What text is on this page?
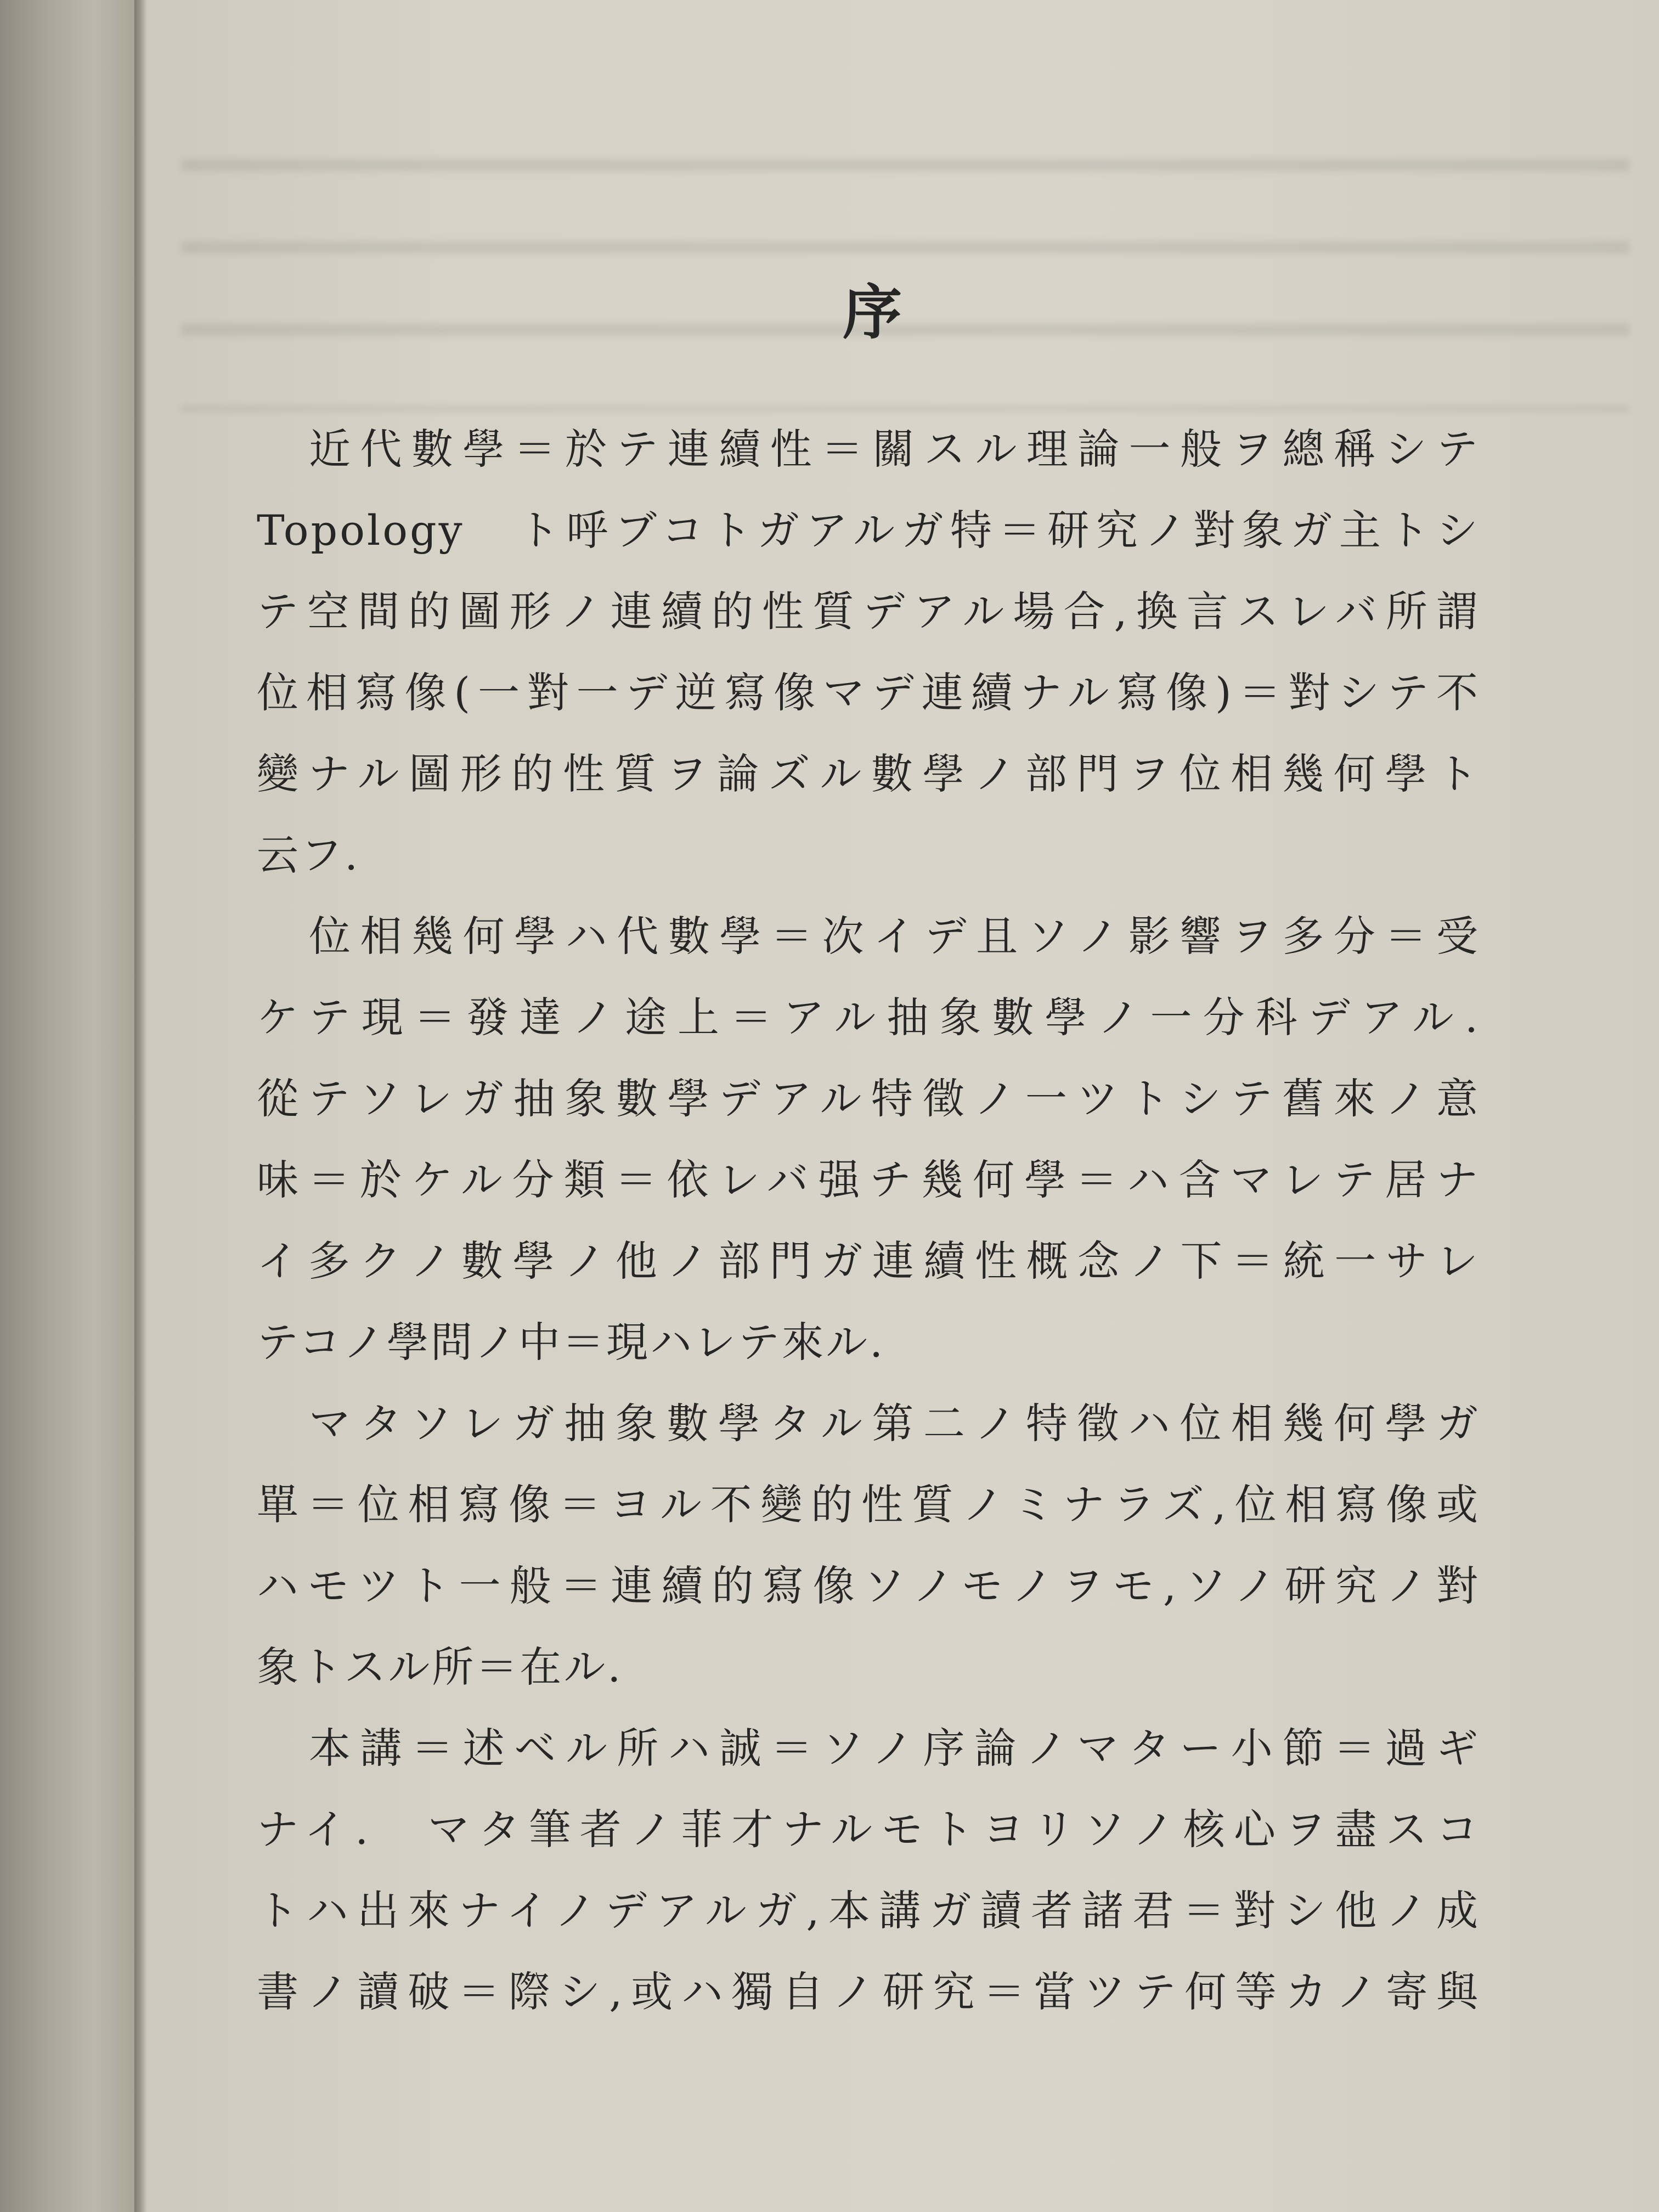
序
近代數學＝於テ連續性＝關スル理論一般ヲ總稱シテ
Topology　ト呼ブコトガアルガ特＝研究ノ對象ガ主トシ
テ空間的圖形ノ連續的性質デアル場合,換言スレバ所謂
位相寫像(一對一デ逆寫像マデ連續ナル寫像)＝對シテ不
變ナル圖形的性質ヲ論ズル數學ノ部門ヲ位相幾何學ト
云フ.
位相幾何學ハ代數學＝次イデ且ソノ影響ヲ多分＝受
ケテ現＝發達ノ途上＝アル抽象數學ノ一分科デアル.
從テソレガ抽象數學デアル特徵ノ一ツトシテ舊來ノ意
味＝於ケル分類＝依レバ强チ幾何學＝ハ含マレテ居ナ
イ多クノ數學ノ他ノ部門ガ連續性概念ノ下＝統一サレ
テコノ學問ノ中＝現ハレテ來ル.
マタソレガ抽象數學タル第二ノ特徵ハ位相幾何學ガ
單＝位相寫像＝ヨル不變的性質ノミナラズ,位相寫像或
ハモツト一般＝連續的寫像ソノモノヲモ,ソノ研究ノ對
象トスル所＝在ル.
本講＝述ベル所ハ誠＝ソノ序論ノマター小節＝過ギ
ナイ.　マタ筆者ノ菲才ナルモトヨリソノ核心ヲ盡スコ
トハ出來ナイノデアルガ,本講ガ讀者諸君＝對シ他ノ成
書ノ讀破＝際シ,或ハ獨自ノ研究＝當ツテ何等カノ寄與
